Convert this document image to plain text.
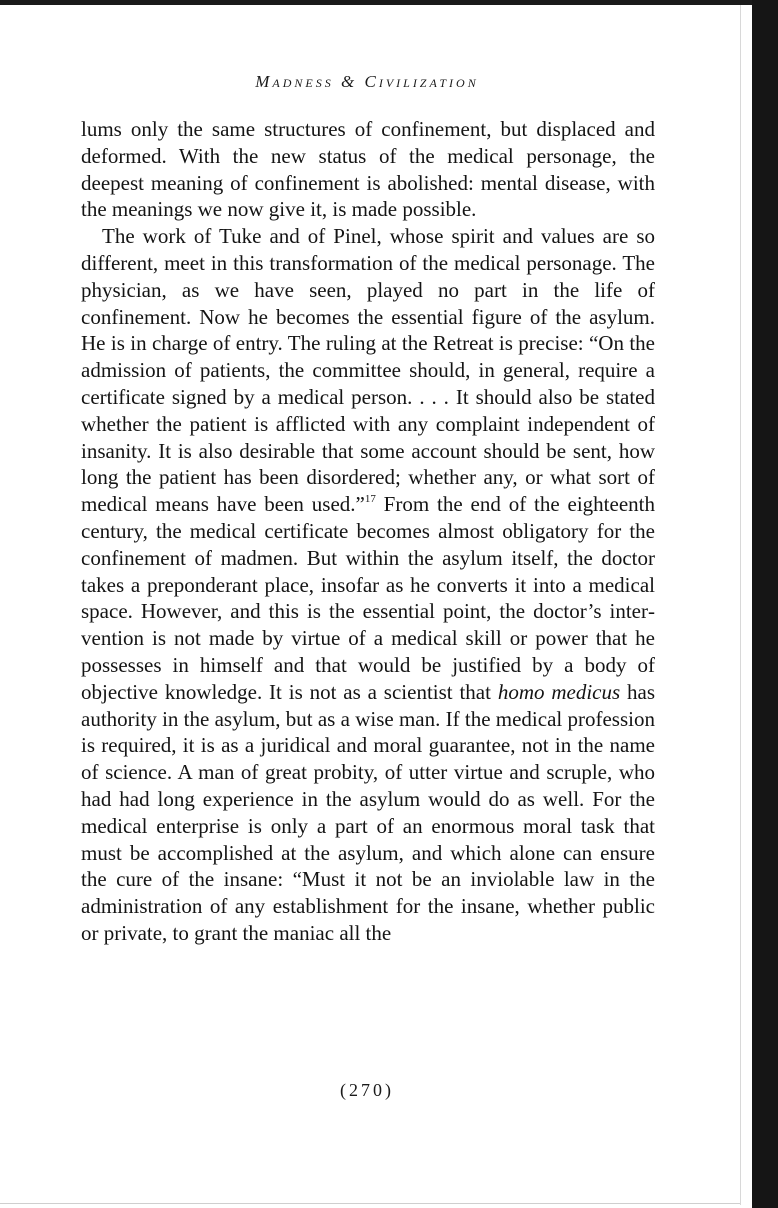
Madness & Civilization

lums only the same structures of confinement, but displaced and deformed. With the new status of the medical personage, the deepest meaning of confinement is abolished: mental disease, with the meanings we now give it, is made possible.

The work of Tuke and of Pinel, whose spirit and values are so different, meet in this transformation of the medical personage. The physician, as we have seen, played no part in the life of confinement. Now he becomes the essential figure of the asylum. He is in charge of entry. The ruling at the Retreat is precise: “On the admission of patients, the committee should, in general, require a certificate signed by a medical person. . . . It should also be stated whether the patient is afflicted with any complaint independent of insanity. It is also desirable that some account should be sent, how long the patient has been disordered; whether any, or what sort of medical means have been used.”$^{17}$ From the end of the eighteenth century, the medical certificate becomes almost obligatory for the confinement of madmen. But within the asylum itself, the doctor takes a preponderant place, insofar as he converts it into a medical space. However, and this is the essential point, the doctor’s intervention is not made by virtue of a medical skill or power that he possesses in himself and that would be justified by a body of objective knowledge. It is not as a scientist that homo medicus has authority in the asylum, but as a wise man. If the medical profession is required, it is as a juridical and moral guarantee, not in the name of science. A man of great probity, of utter virtue and scruple, who had had long experience in the asylum would do as well. For the medical enterprise is only a part of an enormous moral task that must be accomplished at the asylum, and which alone can ensure the cure of the insane: “Must it not be an inviolable law in the administration of any establishment for the insane, whether public or private, to grant the maniac all the

(270)
